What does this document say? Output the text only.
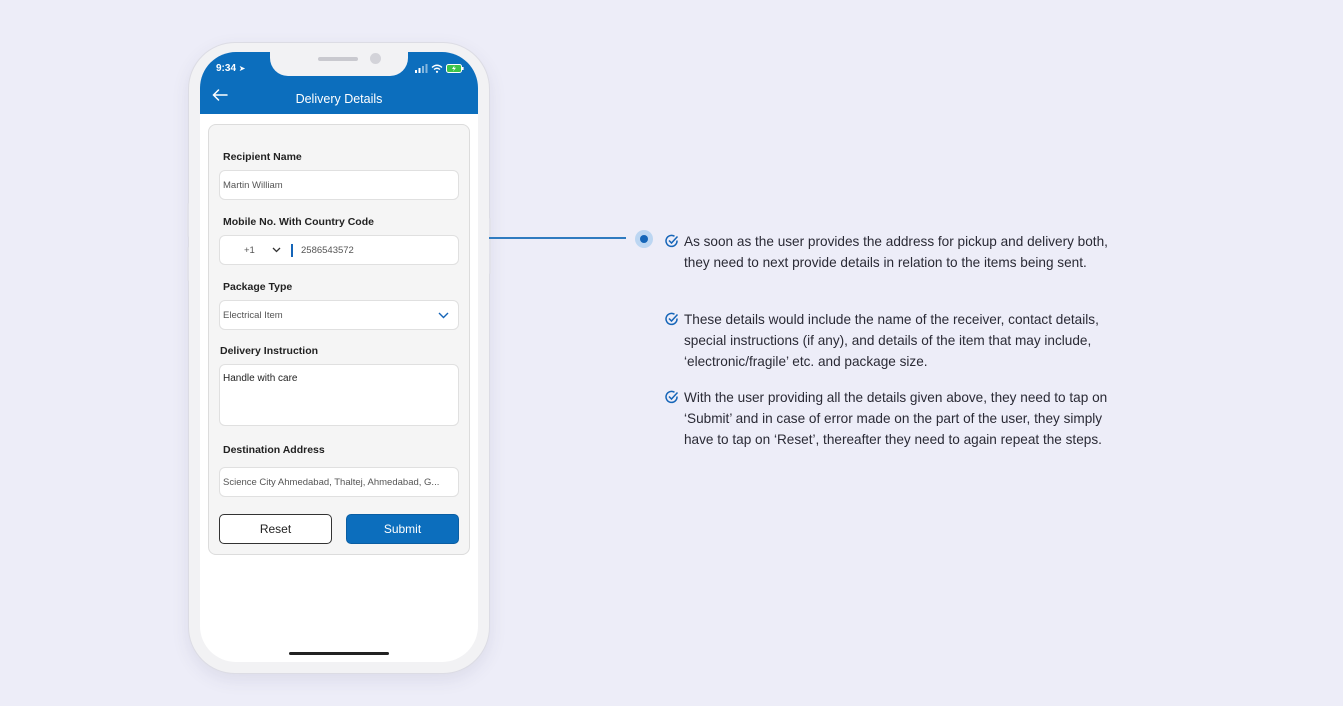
9:34 ➤
Delivery Details
Recipient Name
Martin William
Mobile No. With Country Code
+1	2586543572
Package Type
Electrical Item
Delivery Instruction
Handle with care
Destination Address
Science City Ahmedabad, Thaltej, Ahmedabad, G...
Reset	Submit

As soon as the user provides the address for pickup and delivery both, they need to next provide details in relation to the items being sent.

These details would include the name of the receiver, contact details, special instructions (if any), and details of the item that may include, ‘electronic/fragile’ etc. and package size.

With the user providing all the details given above, they need to tap on ‘Submit’ and in case of error made on the part of the user, they simply have to tap on ‘Reset’, thereafter they need to again repeat the steps.
